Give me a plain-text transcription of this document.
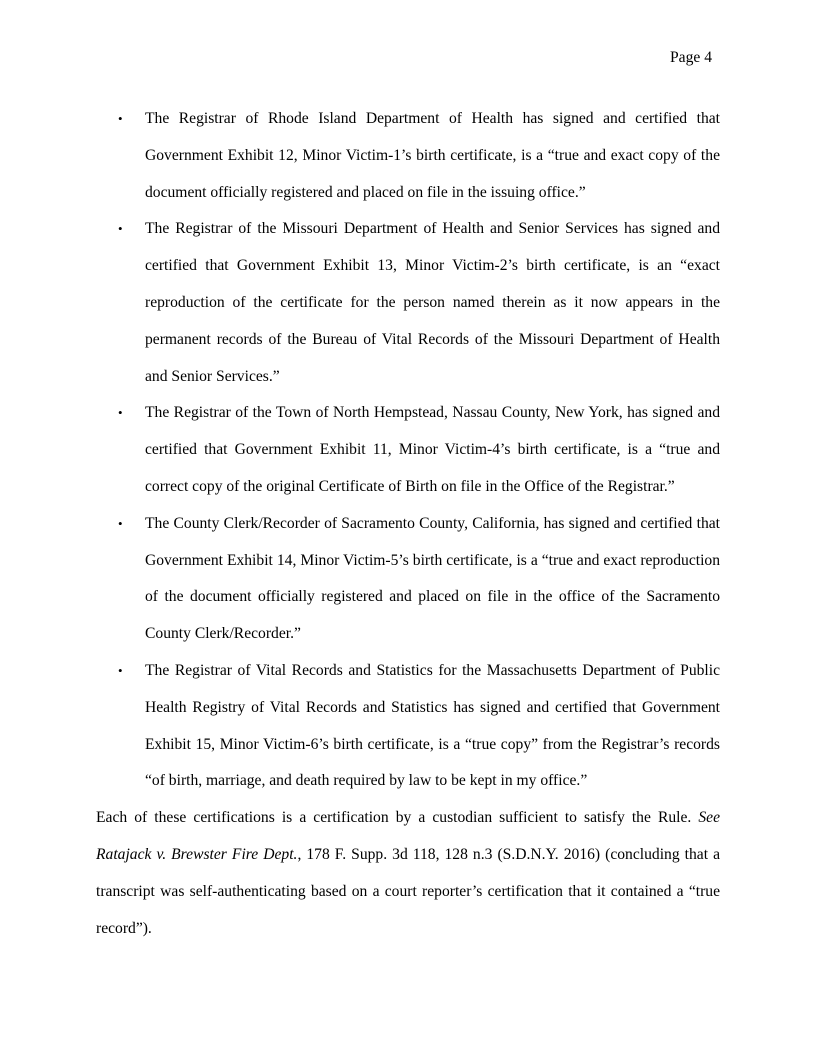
Page 4
• The Registrar of Rhode Island Department of Health has signed and certified that Government Exhibit 12, Minor Victim-1’s birth certificate, is a “true and exact copy of the document officially registered and placed on file in the issuing office.”
• The Registrar of the Missouri Department of Health and Senior Services has signed and certified that Government Exhibit 13, Minor Victim-2’s birth certificate, is an “exact reproduction of the certificate for the person named therein as it now appears in the permanent records of the Bureau of Vital Records of the Missouri Department of Health and Senior Services.”
• The Registrar of the Town of North Hempstead, Nassau County, New York, has signed and certified that Government Exhibit 11, Minor Victim-4’s birth certificate, is a “true and correct copy of the original Certificate of Birth on file in the Office of the Registrar.”
• The County Clerk/Recorder of Sacramento County, California, has signed and certified that Government Exhibit 14, Minor Victim-5’s birth certificate, is a “true and exact reproduction of the document officially registered and placed on file in the office of the Sacramento County Clerk/Recorder.”
• The Registrar of Vital Records and Statistics for the Massachusetts Department of Public Health Registry of Vital Records and Statistics has signed and certified that Government Exhibit 15, Minor Victim-6’s birth certificate, is a “true copy” from the Registrar’s records “of birth, marriage, and death required by law to be kept in my office.”

Each of these certifications is a certification by a custodian sufficient to satisfy the Rule. See Ratajack v. Brewster Fire Dept., 178 F. Supp. 3d 118, 128 n.3 (S.D.N.Y. 2016) (concluding that a transcript was self-authenticating based on a court reporter’s certification that it contained a “true record”).
